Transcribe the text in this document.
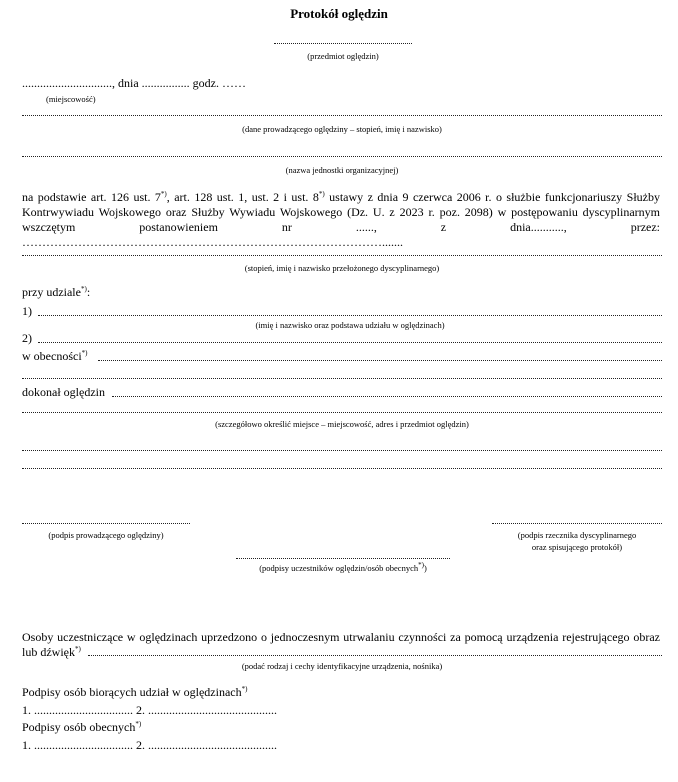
Protokół oględzin
(przedmiot oględzin)
.............................., dnia ................ godz. ……
(miejscowość)
(dane prowadzącego oględziny – stopień, imię i nazwisko)
(nazwa jednostki organizacyjnej)
na podstawie art. 126 ust. 7*), art. 128 ust. 1, ust. 2 i ust. 8*) ustawy z dnia 9 czerwca 2006 r. o służbie funkcjonariuszy Służby Kontrwywiadu Wojskowego oraz Służby Wywiadu Wojskowego (Dz. U. z 2023 r. poz. 2098) w postępowaniu dyscyplinarnym wszczętym postanowieniem nr ......, z dnia..........., przez: ……………………………………………………………………………….......
(stopień, imię i nazwisko przełożonego dyscyplinarnego)
przy udziale*):
1)
(imię i nazwisko oraz podstawa udziału w oględzinach)
2)
w obecności*)
dokonał oględzin
(szczegółowo określić miejsce – miejscowość, adres i przedmiot oględzin)
(podpis prowadzącego oględziny)	(podpis rzecznika dyscyplinarnego
oraz spisującego protokół)
(podpisy uczestników oględzin/osób obecnych*))
Osoby uczestniczące w oględzinach uprzedzono o jednoczesnym utrwalaniu czynności za pomocą urządzenia rejestrującego obraz lub dźwięk*)
(podać rodzaj i cechy identyfikacyjne urządzenia, nośnika)
Podpisy osób biorących udział w oględzinach*)
1. ................................. 2. ...........................................
Podpisy osób obecnych*)
1. ................................. 2. ...........................................
